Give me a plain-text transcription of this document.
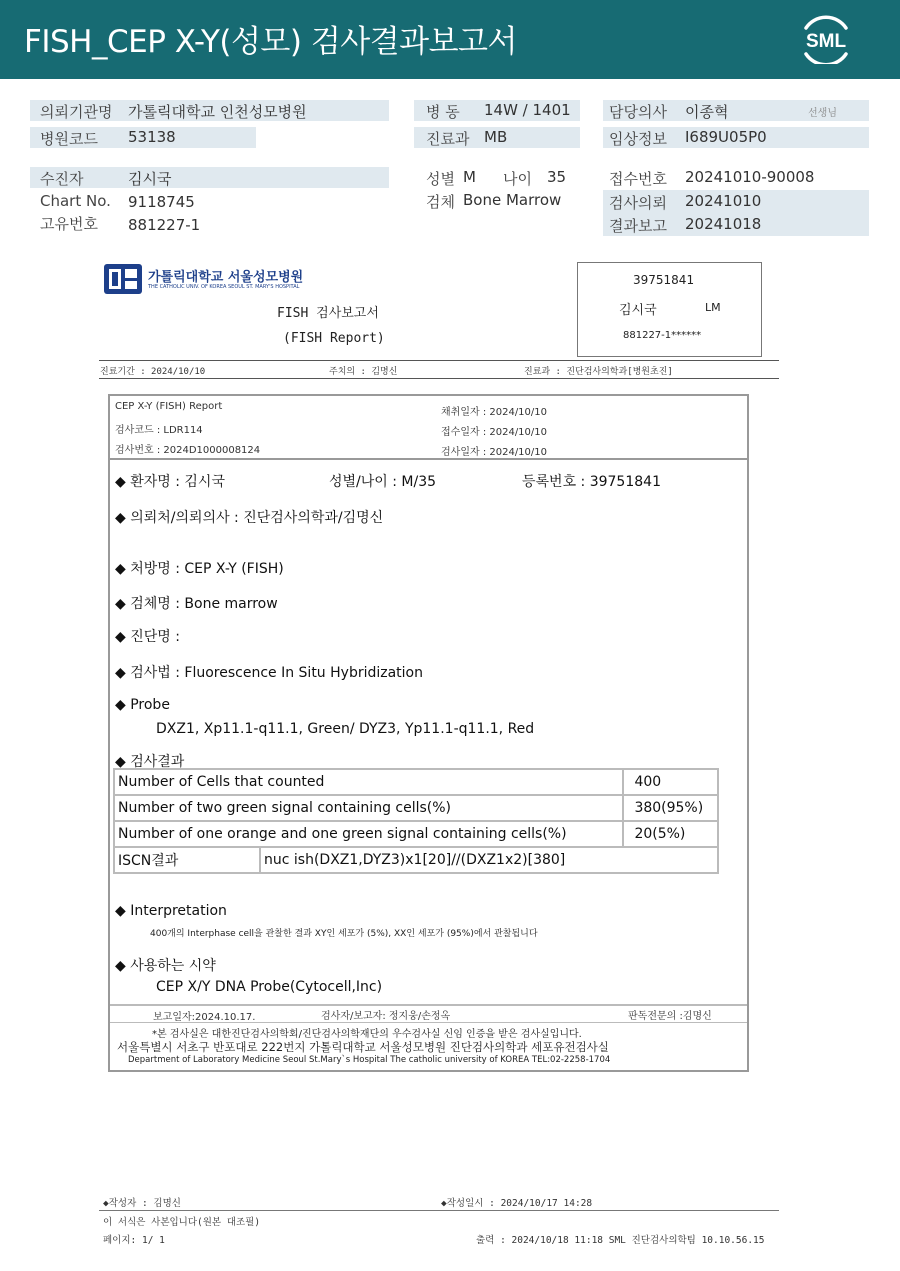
FISH_CEP X-Y(성모) 검사결과보고서	SML
의뢰기관명 가톨릭대학교 인천성모병원
병원코드 53138
병 동 14W / 1401
진료과 MB
담당의사 이종혁	선생님
임상정보 I689U05P0
수진자	김시국
Chart No. 9118745
고유번호 881227-1
성별 M 나이 35
검체 Bone Marrow
접수번호 20241010-90008
검사의뢰 20241010
결과보고 20241018
가톨릭대학교 서울성모병원
THE CATHOLIC UNIV. OF KOREA SEOUL ST. MARY'S HOSPITAL
FISH 검사보고서
(FISH Report)
39751841
김시국	LM
881227-1******
진료기간 : 2024/10/10	주치의 : 김명신	진료과 : 진단검사의학과[병원초진]
CEP X-Y (FISH) Report
검사코드 : LDR114
검사번호 : 2024D1000008124
채취일자 : 2024/10/10
접수일자 : 2024/10/10
검사일자 : 2024/10/10
◆ 환자명 : 김시국	성별/나이 : M/35	등록번호 : 39751841
◆ 의뢰처/의뢰의사 : 진단검사의학과/김명신
◆ 처방명 : CEP X-Y (FISH)
◆ 검체명 : Bone marrow
◆ 진단명 :
◆ 검사법 : Fluorescence In Situ Hybridization
◆ Probe
DXZ1, Xp11.1-q11.1, Green/ DYZ3, Yp11.1-q11.1, Red
◆ 검사결과
Number of Cells that counted		400
Number of two green signal containing cells(%)		380(95%)
Number of one orange and one green signal containing cells(%)		20(5%)
ISCN결과	nuc ish(DXZ1,DYZ3)x1[20]//(DXZ1x2)[380]	
◆ Interpretation
400개의 Interphase cell을 관찰한 결과 XY인 세포가 (5%), XX인 세포가 (95%)에서 관찰됩니다
◆ 사용하는 시약
CEP X/Y DNA Probe(Cytocell,Inc)
보고일자:2024.10.17.	검사자/보고자: 정지웅/손정옥	판독전문의 :김명신
*본 검사실은 대한진단검사의학회/진단검사의학재단의 우수검사실 신임 인증을 받은 검사실입니다.
서울특별시 서초구 반포대로 222번지 가톨릭대학교 서울성모병원 진단검사의학과 세포유전검사실
Department of Laboratory Medicine Seoul St.Mary`s Hospital The catholic university of KOREA TEL:02-2258-1704
◆작성자 : 김명신	◆작성일시 : 2024/10/17 14:28
이 서식은 사본입니다(원본 대조필)
페이지: 1/ 1	출력 : 2024/10/18 11:18 SML 진단검사의학팀 10.10.56.15
